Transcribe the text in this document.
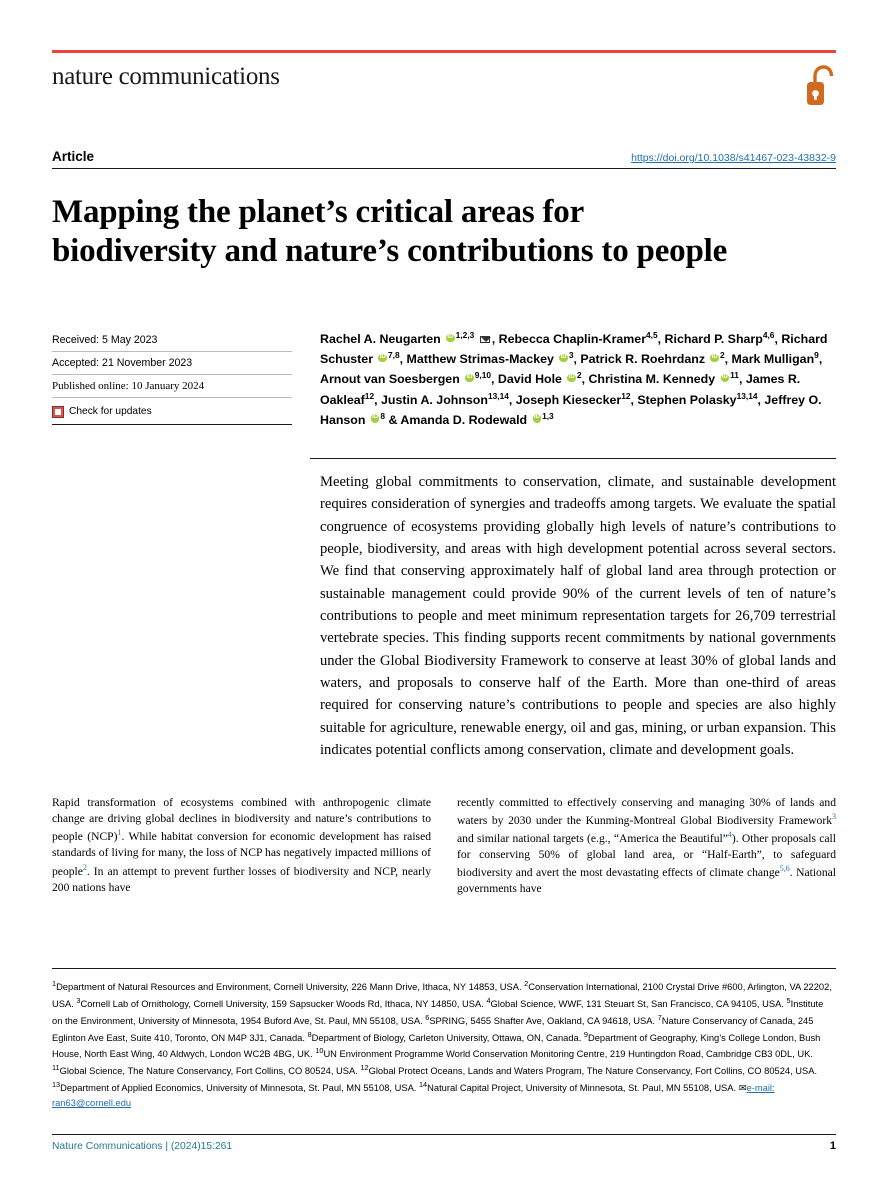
nature communications
Article	https://doi.org/10.1038/s41467-023-43832-9
Mapping the planet’s critical areas for biodiversity and nature’s contributions to people
Received: 5 May 2023
Accepted: 21 November 2023
Published online: 10 January 2024
Check for updates
Rachel A. Neugarten iD$^{1,2,3}$ , Rebecca Chaplin-Kramer$^{4,5}$, Richard P. Sharp$^{4,6}$, Richard Schuster iD$^{7,8}$, Matthew Strimas-Mackey $iD^3$, Patrick R. Roehrdanz $iD^2$, Mark Mulligan$^9$, Arnout van Soesbergen iD$^{9,10}$, David Hole $iD^2$, Christina M. Kennedy $iD^{11}$, James R. Oakleaf$^{12}$, Justin A. Johnson$^{13,14}$, Joseph Kiesecker$^{12}$, Stephen Polasky$^{13,14}$, Jeffrey O. Hanson $iD^8$ & Amanda D. Rodewald iD$^{1,3}$

Meeting global commitments to conservation, climate, and sustainable development requires consideration of synergies and tradeoffs among targets. We evaluate the spatial congruence of ecosystems providing globally high levels of nature’s contributions to people, biodiversity, and areas with high development potential across several sectors. We find that conserving approximately half of global land area through protection or sustainable management could provide 90% of the current levels of ten of nature’s contributions to people and meet minimum representation targets for 26,709 terrestrial vertebrate species. This finding supports recent commitments by national governments under the Global Biodiversity Framework to conserve at least 30% of global lands and waters, and proposals to conserve half of the Earth. More than one-third of areas required for conserving nature’s contributions to people and species are also highly suitable for agriculture, renewable energy, oil and gas, mining, or urban expansion. This indicates potential conflicts among conservation, climate and development goals.

Rapid transformation of ecosystems combined with anthropogenic climate change are driving global declines in biodiversity and nature’s contributions to people (NCP)$^1$. While habitat conversion for economic development has raised standards of living for many, the loss of NCP has negatively impacted millions of people$^2$. In an attempt to prevent further losses of biodiversity and NCP, nearly 200 nations have

recently committed to effectively conserving and managing 30% of lands and waters by 2030 under the Kunming-Montreal Global Biodiversity Framework$^3$ and similar national targets (e.g., “America the Beautiful”$^4$). Other proposals call for conserving 50% of global land area, or “Half-Earth”, to safeguard biodiversity and avert the most devastating effects of climate change$^{5,6}$. National governments have

$^1$Department of Natural Resources and Environment, Cornell University, 226 Mann Drive, Ithaca, NY 14853, USA. $^2$Conservation International, 2100 Crystal Drive #600, Arlington, VA 22202, USA. $^3$Cornell Lab of Ornithology, Cornell University, 159 Sapsucker Woods Rd, Ithaca, NY 14850, USA. $^4$Global Science, WWF, 131 Steuart St, San Francisco, CA 94105, USA. $^5$Institute on the Environment, University of Minnesota, 1954 Buford Ave, St. Paul, MN 55108, USA. $^6$SPRING, 5455 Shafter Ave, Oakland, CA 94618, USA. $^7$Nature Conservancy of Canada, 245 Eglinton Ave East, Suite 410, Toronto, ON M4P 3J1, Canada. $^8$Department of Biology, Carleton University, Ottawa, ON, Canada. $^9$Department of Geography, King’s College London, Bush House, North East Wing, 40 Aldwych, London WC2B 4BG, UK. $^{10}$UN Environment Programme World Conservation Monitoring Centre, 219 Huntingdon Road, Cambridge CB3 0DL, UK. $^{11}$Global Science, The Nature Conservancy, Fort Collins, CO 80524, USA. $^{12}$Global Protect Oceans, Lands and Waters Program, The Nature Conservancy, Fort Collins, CO 80524, USA. $^{13}$Department of Applied Economics, University of Minnesota, St. Paul, MN 55108, USA. $^{14}$Natural Capital Project, University of Minnesota, St. Paul, MN 55108, USA. ✉e-mail: ran63@cornell.edu
Nature Communications | (2024)15:261	1
